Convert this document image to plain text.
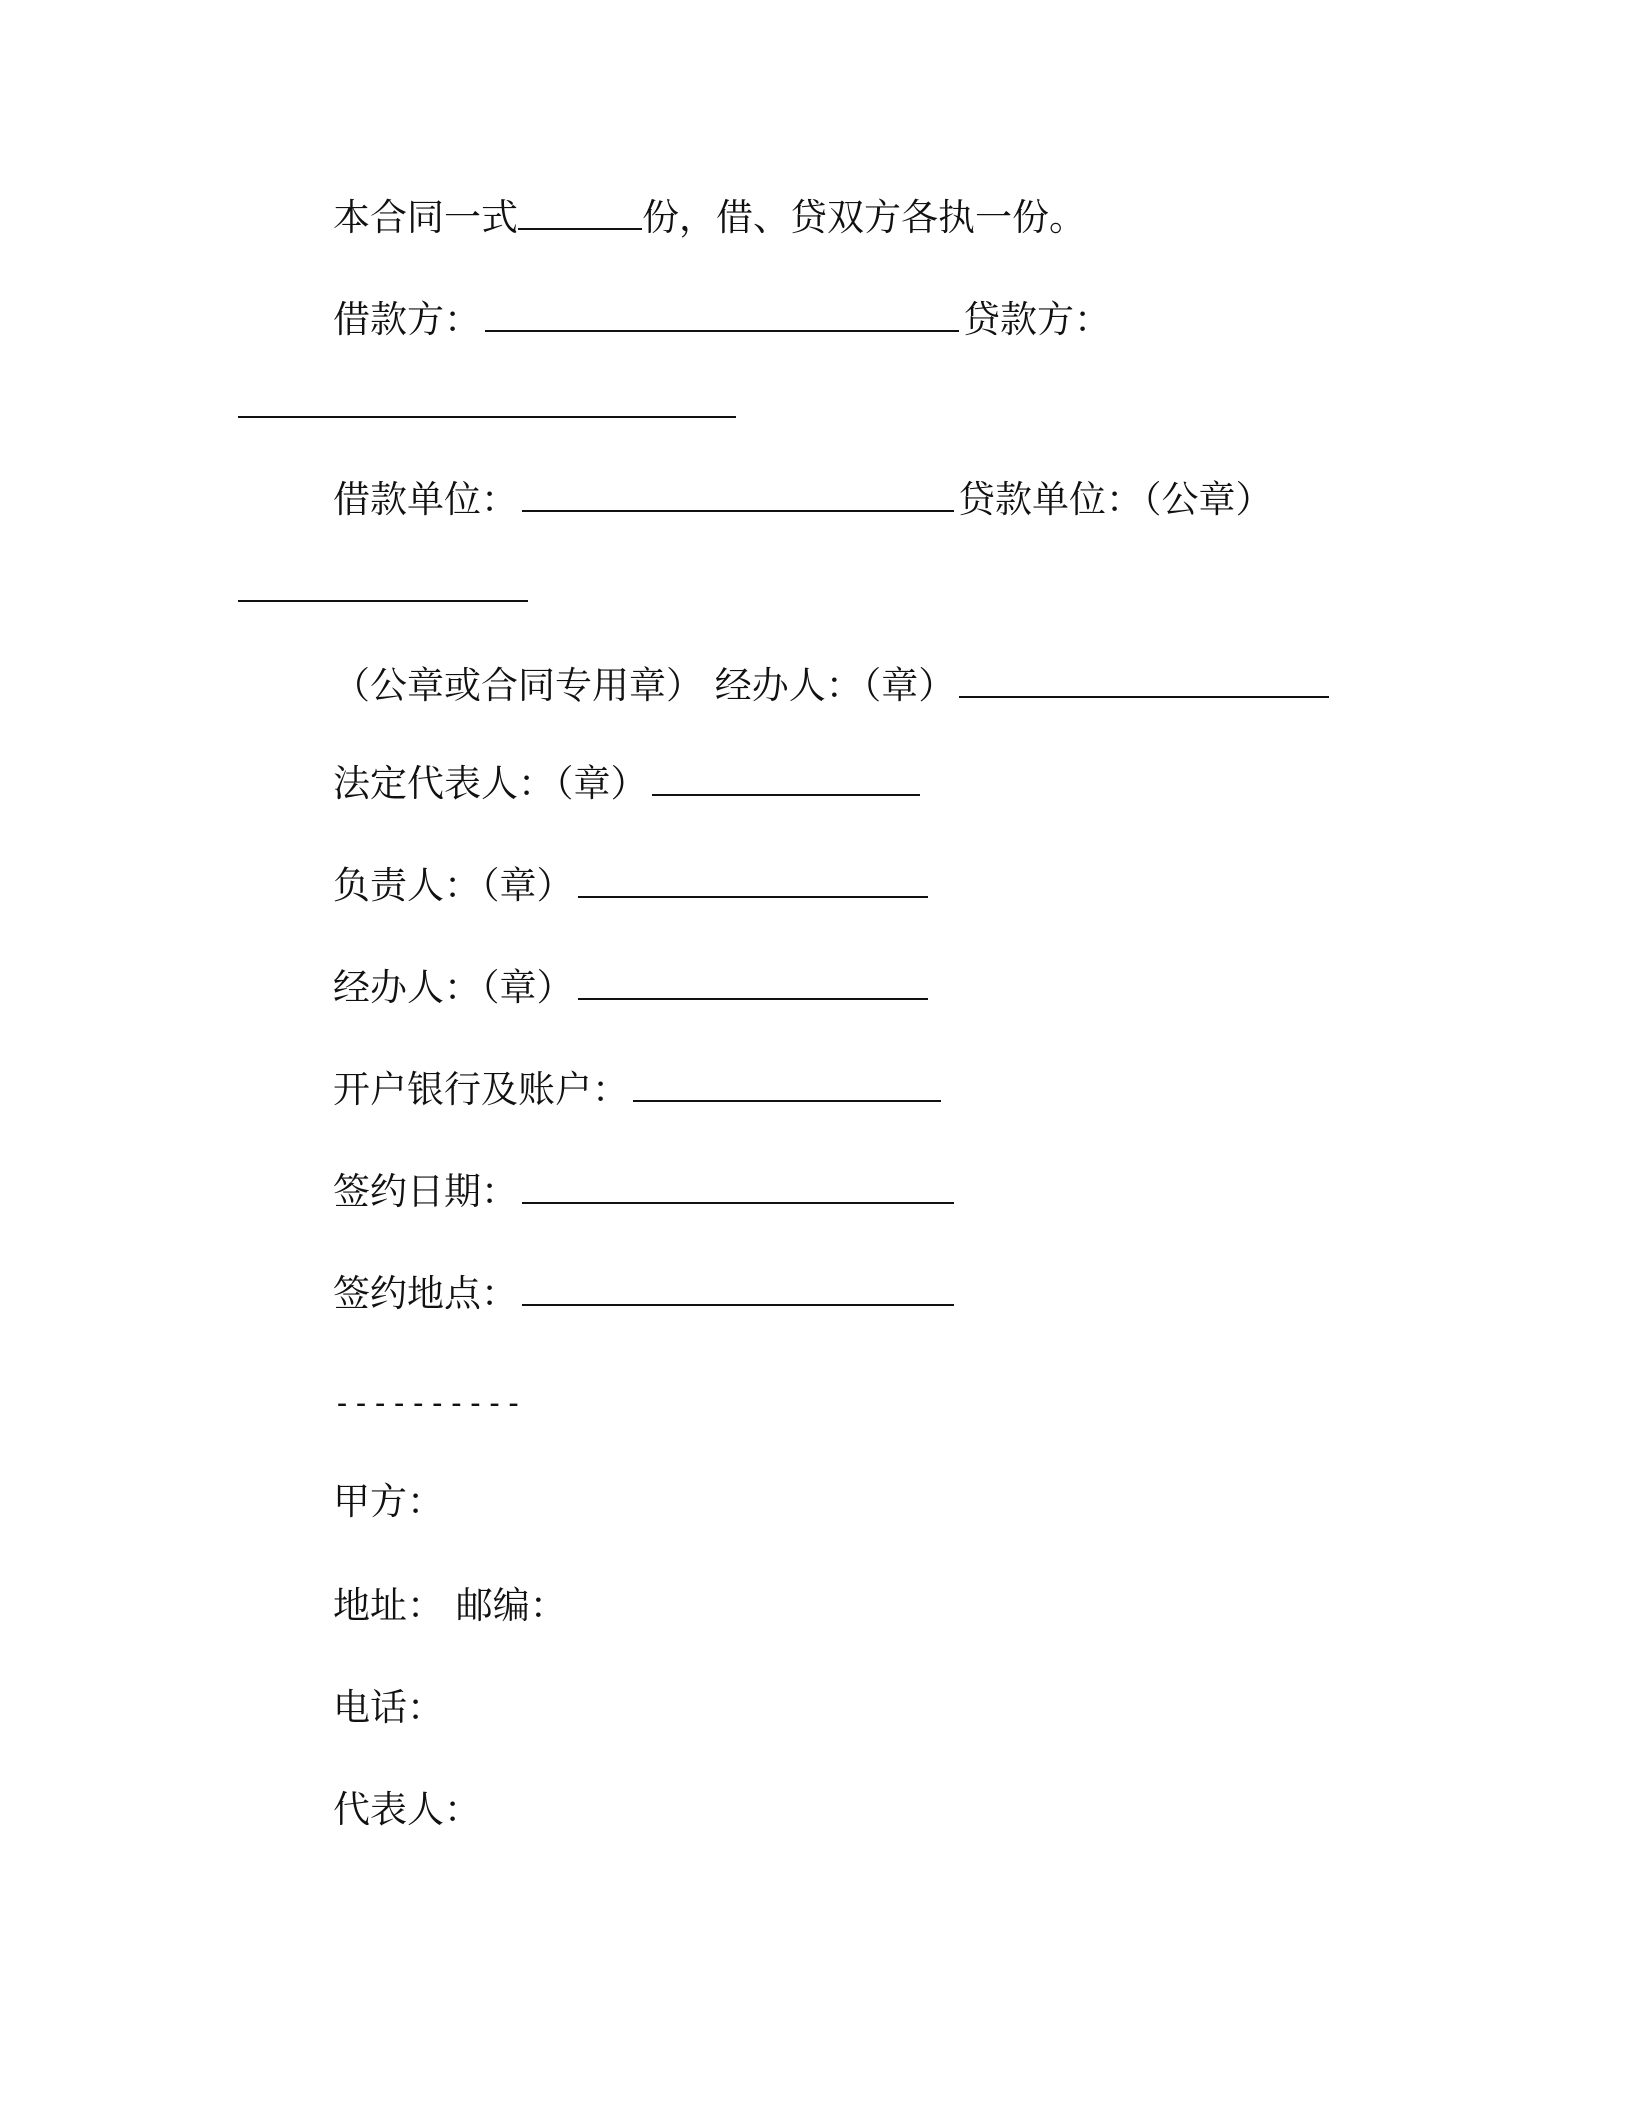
本合同一式	份，借、贷双方各执一份。
借款方：	贷款方：
借款单位：	贷款单位：（公章）
（公章或合同专用章） 经办人：（章）
法定代表人：（章）
负责人：（章）
经办人：（章）
开户银行及账户：
签约日期：
签约地点：
----------
甲方：
地址： 邮编：
电话：
代表人：
